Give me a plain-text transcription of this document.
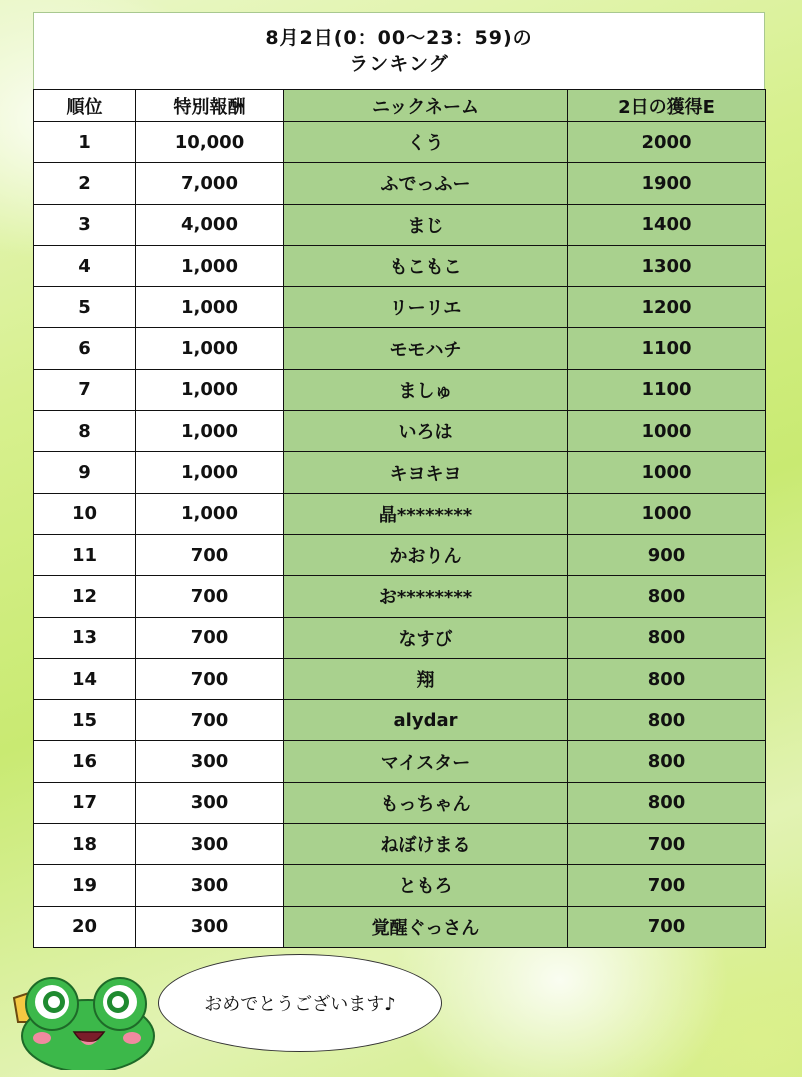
8月2日(0：00～23：59)の
ランキング
順位	特別報酬	ニックネーム	2日の獲得E
1	10,000	くう	2000
2	7,000	ふでっふー	1900
3	4,000	まじ	1400
4	1,000	もこもこ	1300
5	1,000	リーリエ	1200
6	1,000	モモハチ	1100
7	1,000	ましゅ	1100
8	1,000	いろは	1000
9	1,000	キヨキヨ	1000
10	1,000	晶********	1000
11	700	かおりん	900
12	700	お********	800
13	700	なすび	800
14	700	翔	800
15	700	alydar	800
16	300	マイスター	800
17	300	もっちゃん	800
18	300	ねぼけまる	700
19	300	ともろ	700
20	300	覚醒ぐっさん	700
おめでとうございます♪
